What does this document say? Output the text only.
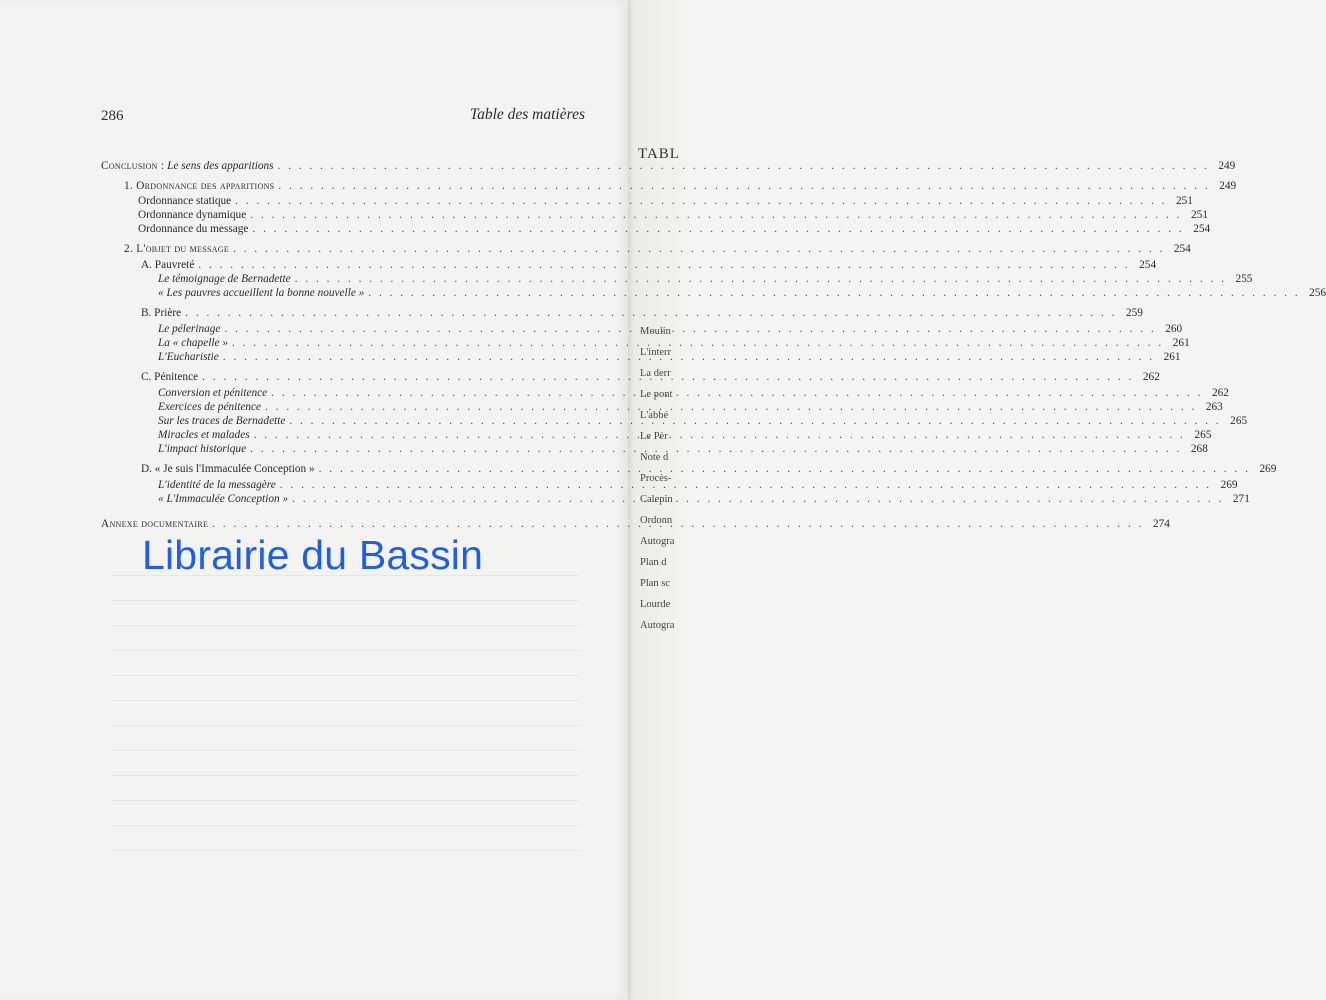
TABL
Moulin
L'interr
La derr
Le pont
L'abbé
Le Pèr
Note d
Procès-
Calepin
Ordonn
Autogra
Plan d
Plan sc
Lourde
Autogra
286	Table des matières
Conclusion : Le sens des apparitions . . .	249
1. Ordonnance des apparitions . . .	249
Ordonnance statique . . .	251
Ordonnance dynamique . . .	251
Ordonnance du message . . .	254
2. L'objet du message . . .	254
A. Pauvreté . . .	254
Le témoignage de Bernadette . . .	255
« Les pauvres accueillent la bonne nouvelle » . . .	256
B. Prière . . .	259
Le pélerinage . . .	260
La « chapelle » . . .	261
L'Eucharistie . . .	261
C. Pénitence . . .	262
Conversion et pénitence . . .	262
Exercices de pénitence . . .	263
Sur les traces de Bernadette . . .	265
Miracles et malades . . .	265
L'impact historique . . .	268
D. « Je suis l'Immaculée Conception » . . .	269
L'identité de la messagère . . .	269
« L'Immaculée Conception » . . .	271
Annexe documentaire . . .	274
Librairie du Bassin
